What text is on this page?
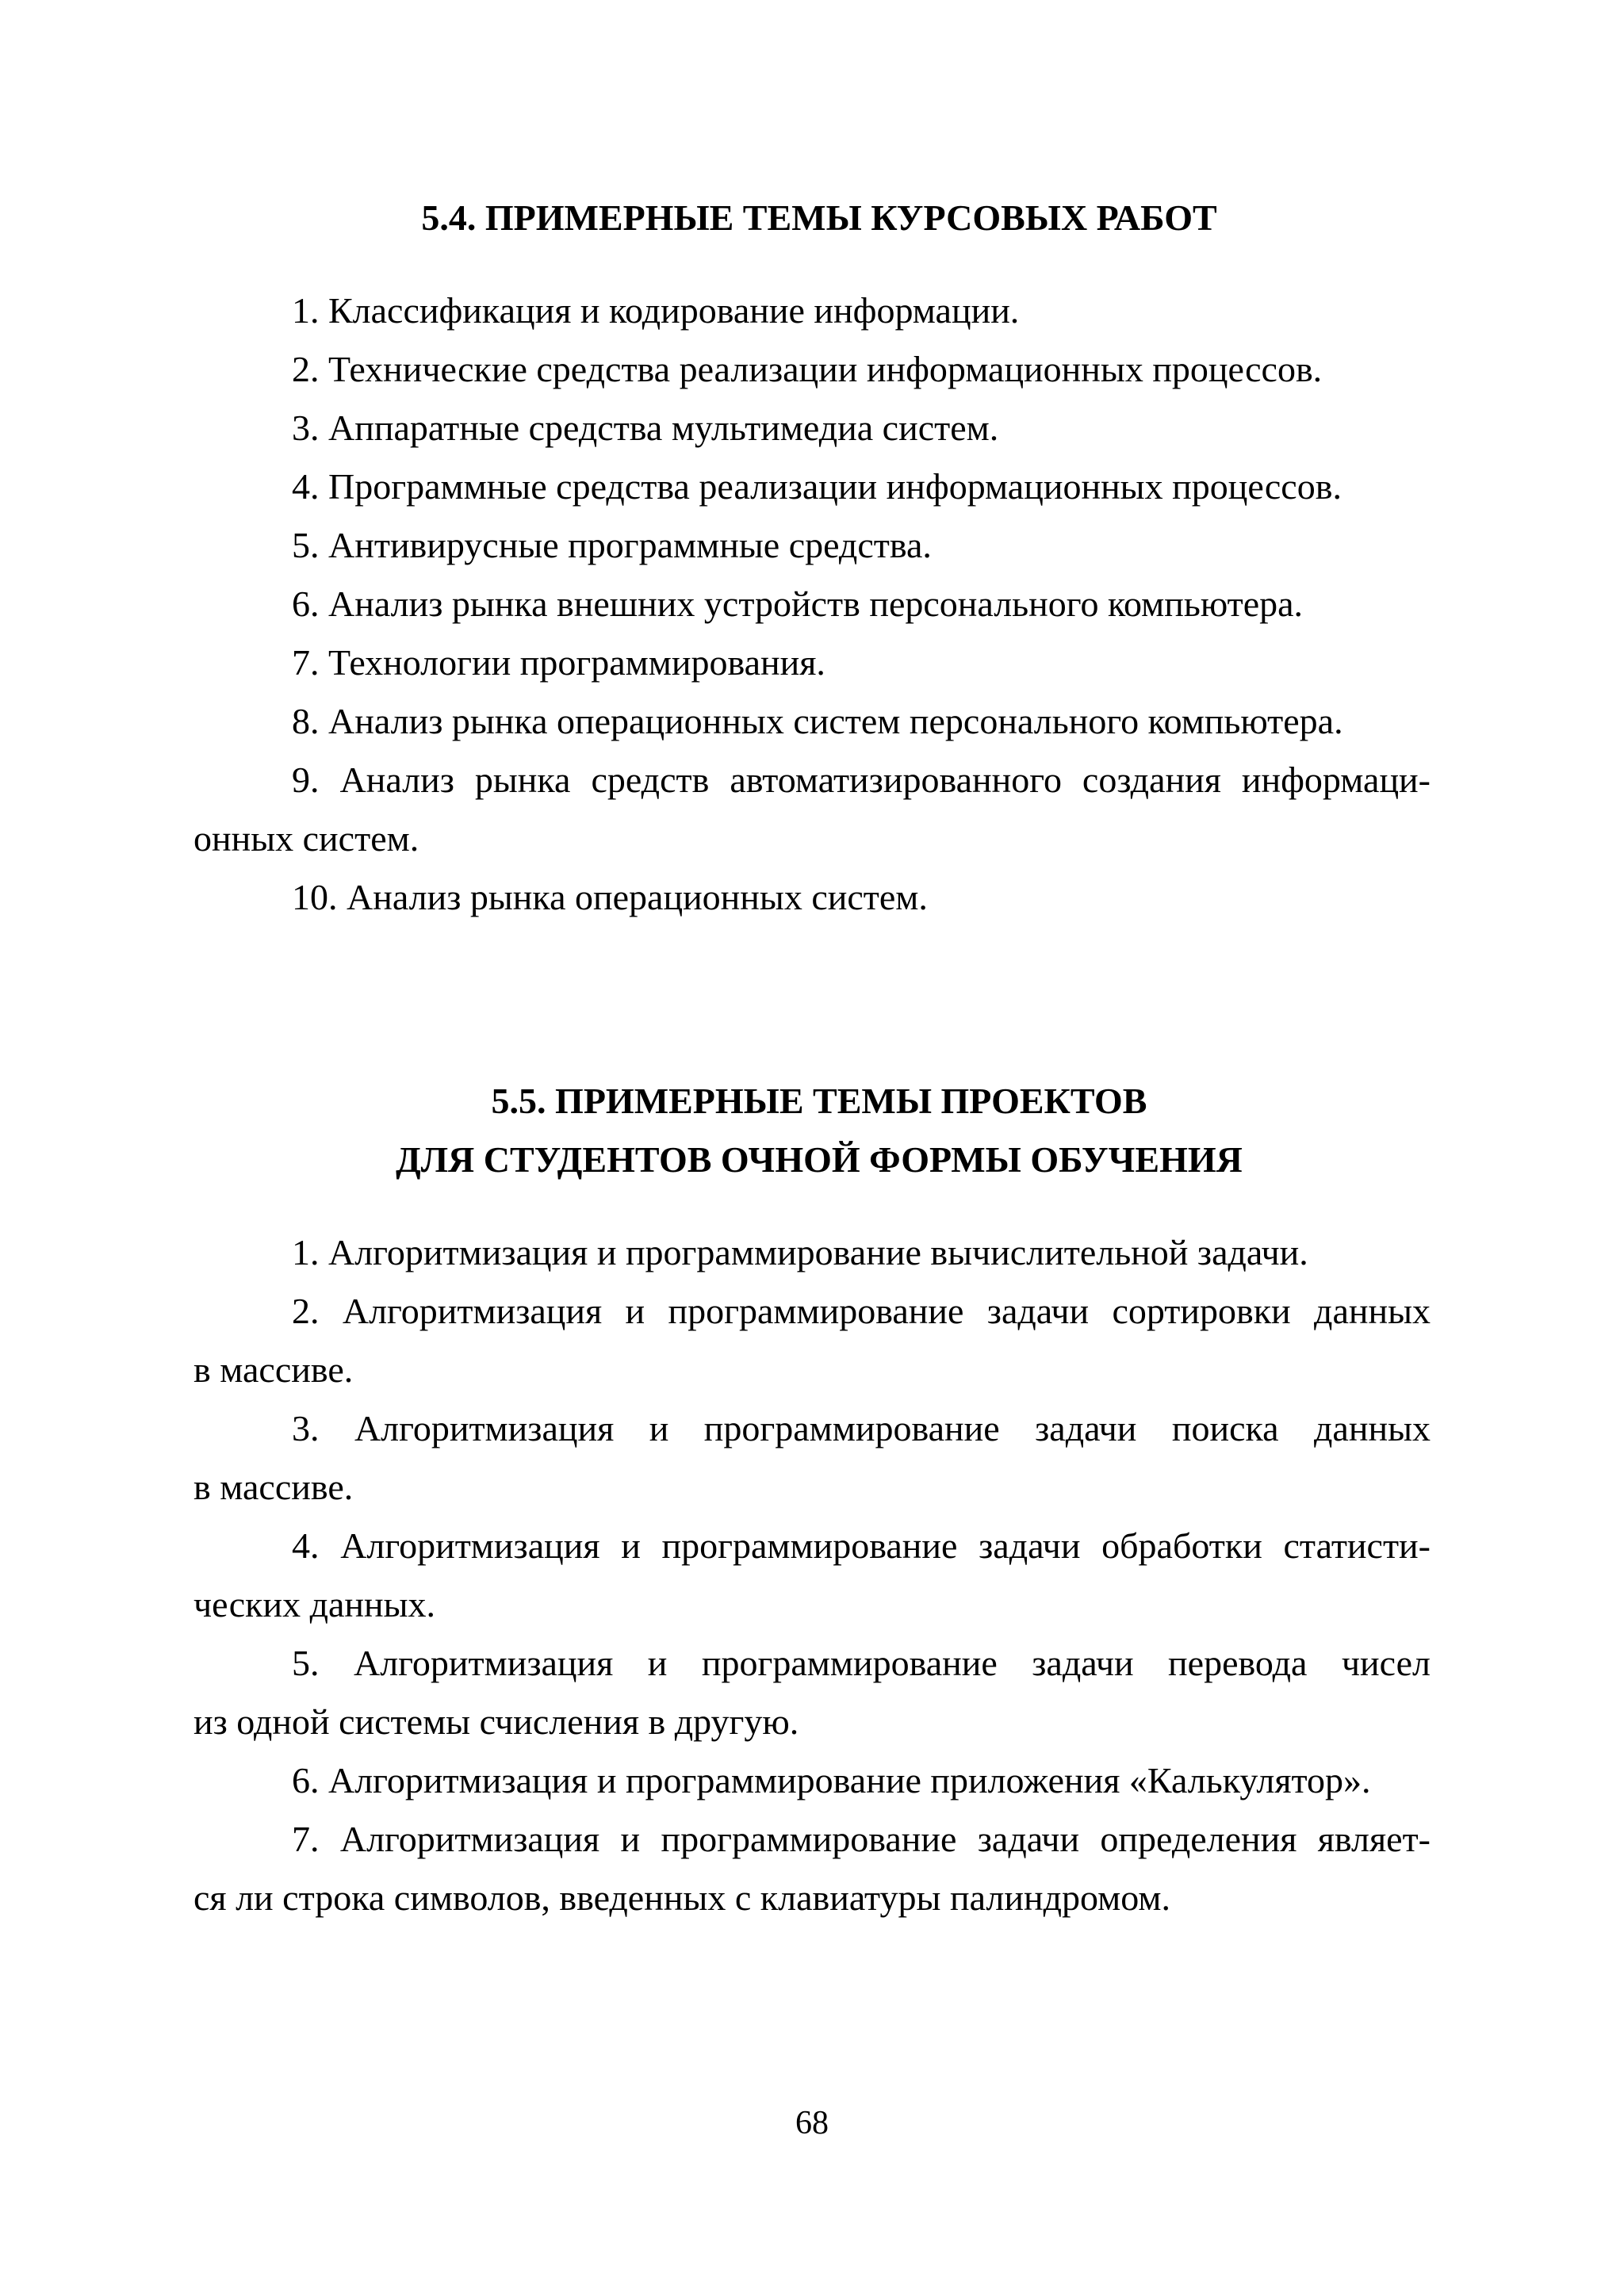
5.4. ПРИМЕРНЫЕ ТЕМЫ КУРСОВЫХ РАБОТ
1. Классификация и кодирование информации.
2. Технические средства реализации информационных процессов.
3. Аппаратные средства мультимедиа систем.
4. Программные средства реализации информационных процессов.
5. Антивирусные программные средства.
6. Анализ рынка внешних устройств персонального компьютера.
7. Технологии программирования.
8. Анализ рынка операционных систем персонального компьютера.
9. Анализ рынка средств автоматизированного создания информаци-
онных систем.
10. Анализ рынка операционных систем.
5.5. ПРИМЕРНЫЕ ТЕМЫ ПРОЕКТОВ
ДЛЯ СТУДЕНТОВ ОЧНОЙ ФОРМЫ ОБУЧЕНИЯ
1. Алгоритмизация и программирование вычислительной задачи.
2. Алгоритмизация и программирование задачи сортировки данных
в массиве.
3. Алгоритмизация и программирование задачи поиска данных
в массиве.
4. Алгоритмизация и программирование задачи обработки статисти-
ческих данных.
5. Алгоритмизация и программирование задачи перевода чисел
из одной системы счисления в другую.
6. Алгоритмизация и программирование приложения «Калькулятор».
7. Алгоритмизация и программирование задачи определения являет-
ся ли строка символов, введенных с клавиатуры палиндромом.
68
